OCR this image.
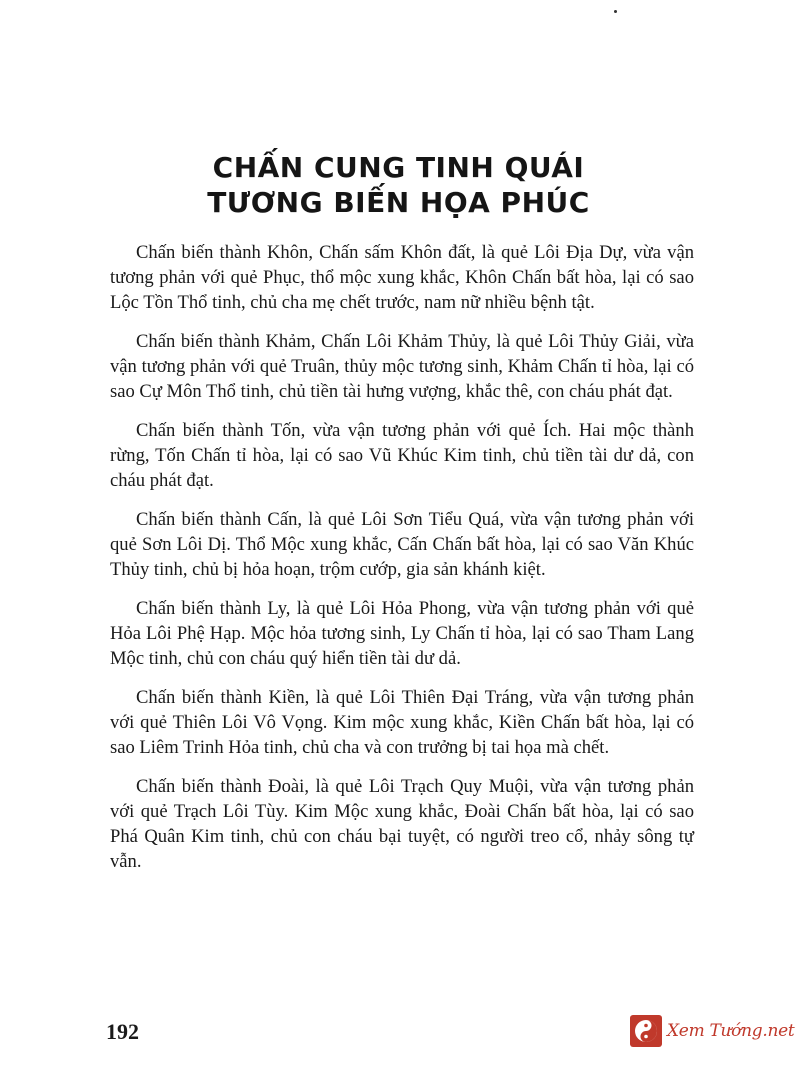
CHẤN CUNG TINH QUÁI
TƯƠNG BIẾN HỌA PHÚC

Chấn biến thành Khôn, Chấn sấm Khôn đất, là quẻ Lôi Địa Dự, vừa vận tương phản với quẻ Phục, thổ mộc xung khắc, Khôn Chấn bất hòa, lại có sao Lộc Tồn Thổ tinh, chủ cha mẹ chết trước, nam nữ nhiều bệnh tật.

Chấn biến thành Khảm, Chấn Lôi Khảm Thủy, là quẻ Lôi Thủy Giải, vừa vận tương phản với quẻ Truân, thủy mộc tương sinh, Khảm Chấn tỉ hòa, lại có sao Cự Môn Thổ tinh, chủ tiền tài hưng vượng, khắc thê, con cháu phát đạt.

Chấn biến thành Tốn, vừa vận tương phản với quẻ Ích. Hai mộc thành rừng, Tốn Chấn tỉ hòa, lại có sao Vũ Khúc Kim tinh, chủ tiền tài dư dả, con cháu phát đạt.

Chấn biến thành Cấn, là quẻ Lôi Sơn Tiểu Quá, vừa vận tương phản với quẻ Sơn Lôi Dị. Thổ Mộc xung khắc, Cấn Chấn bất hòa, lại có sao Văn Khúc Thủy tinh, chủ bị hỏa hoạn, trộm cướp, gia sản khánh kiệt.

Chấn biến thành Ly, là quẻ Lôi Hỏa Phong, vừa vận tương phản với quẻ Hỏa Lôi Phệ Hạp. Mộc hỏa tương sinh, Ly Chấn tỉ hòa, lại có sao Tham Lang Mộc tinh, chủ con cháu quý hiển tiền tài dư dả.

Chấn biến thành Kiền, là quẻ Lôi Thiên Đại Tráng, vừa vận tương phản với quẻ Thiên Lôi Vô Vọng. Kim mộc xung khắc, Kiền Chấn bất hòa, lại có sao Liêm Trinh Hỏa tinh, chủ cha và con trưởng bị tai họa mà chết.

Chấn biến thành Đoài, là quẻ Lôi Trạch Quy Muội, vừa vận tương phản với quẻ Trạch Lôi Tùy. Kim Mộc xung khắc, Đoài Chấn bất hòa, lại có sao Phá Quân Kim tinh, chủ con cháu bại tuyệt, có người treo cổ, nhảy sông tự vẫn.

192	Xem Tướng.net
